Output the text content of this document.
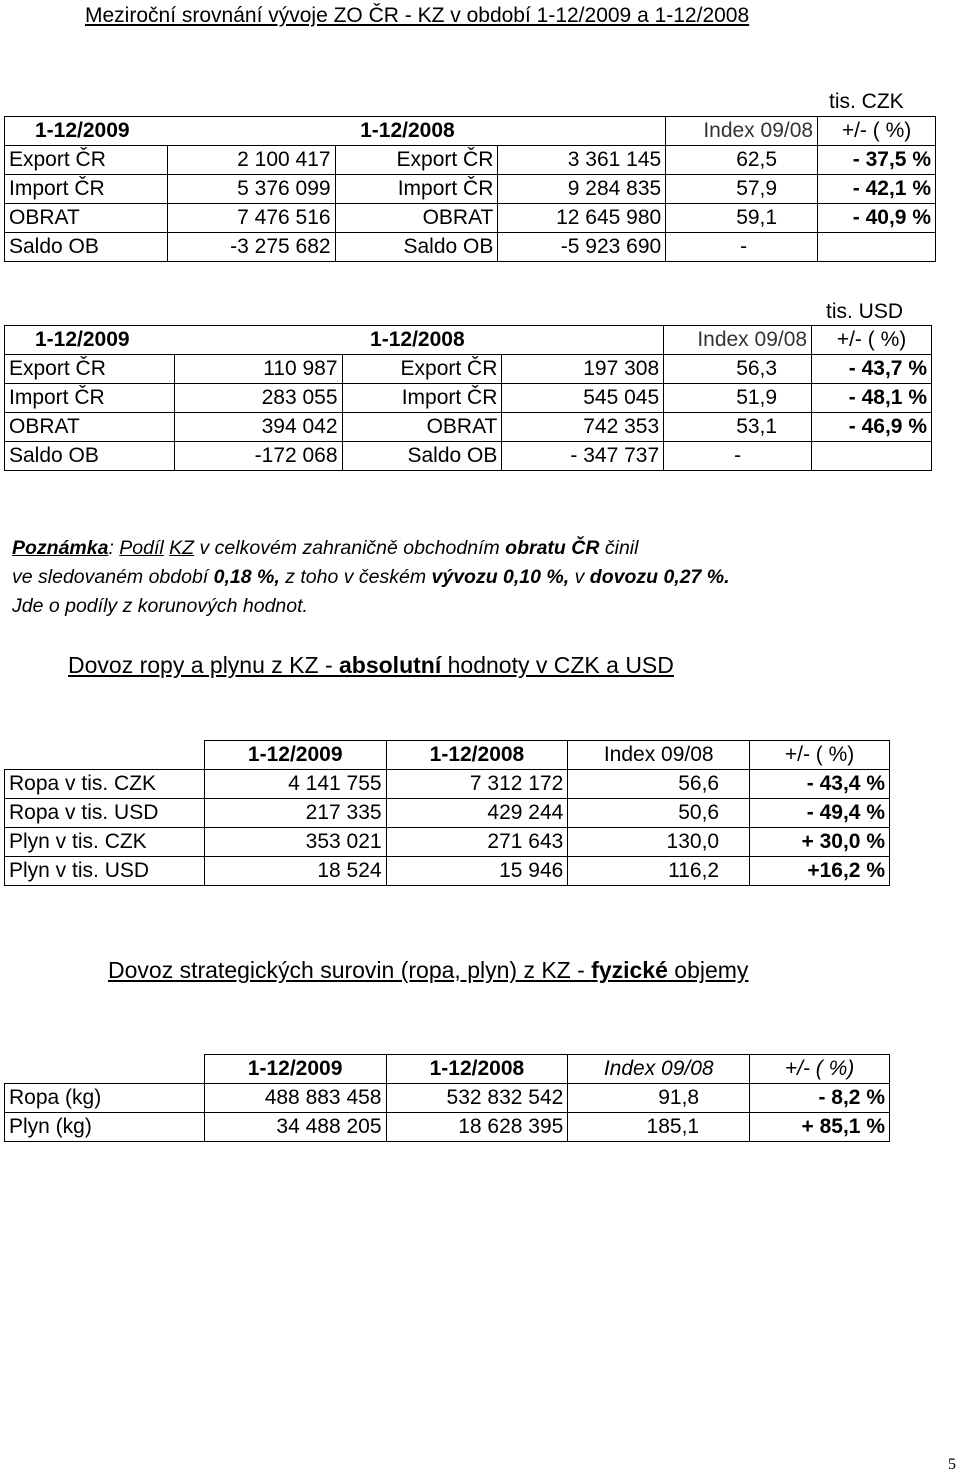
Meziroční srovnání vývoje ZO ČR - KZ v období 1-12/2009 a 1-12/2008
tis. CZK
1-12/2009		1-12/2008		Index 09/08	+/- ( %)
Export ČR	2 100 417	Export ČR	3 361 145	62,5	- 37,5 %
Import ČR	5 376 099	Import ČR	9 284 835	57,9	- 42,1 %
OBRAT	7 476 516	OBRAT	12 645 980	59,1	- 40,9 %
Saldo OB	-3 275 682	Saldo OB	-5 923 690	-	
tis. USD
1-12/2009		1-12/2008		Index 09/08	+/- ( %)
Export ČR	110 987	Export ČR	197 308	56,3	- 43,7 %
Import ČR	283 055	Import ČR	545 045	51,9	- 48,1 %
OBRAT	394 042	OBRAT	742 353	53,1	- 46,9 %
Saldo OB	-172 068	Saldo OB	- 347 737	-	
Poznámka: Podíl KZ v celkovém zahraničně obchodním obratu ČR činil
ve sledovaném období 0,18 %, z toho v českém vývozu 0,10 %, v dovozu 0,27 %.
Jde o podíly z korunových hodnot.
Dovoz ropy a plynu z KZ - absolutní hodnoty v CZK a USD
	1-12/2009	1-12/2008	Index 09/08	+/- ( %)
Ropa v tis. CZK	4 141 755	7 312 172	56,6	- 43,4 %
Ropa v tis. USD	217 335	429 244	50,6	- 49,4 %
Plyn v tis. CZK	353 021	271 643	130,0	+ 30,0 %
Plyn v tis. USD	18 524	15 946	116,2	+16,2 %
Dovoz strategických surovin (ropa, plyn) z KZ - fyzické objemy
	1-12/2009	1-12/2008	Index 09/08	+/- ( %)
Ropa (kg)	488 883 458	532 832 542	91,8	- 8,2 %
Plyn (kg)	34 488 205	18 628 395	185,1	+ 85,1 %
5
